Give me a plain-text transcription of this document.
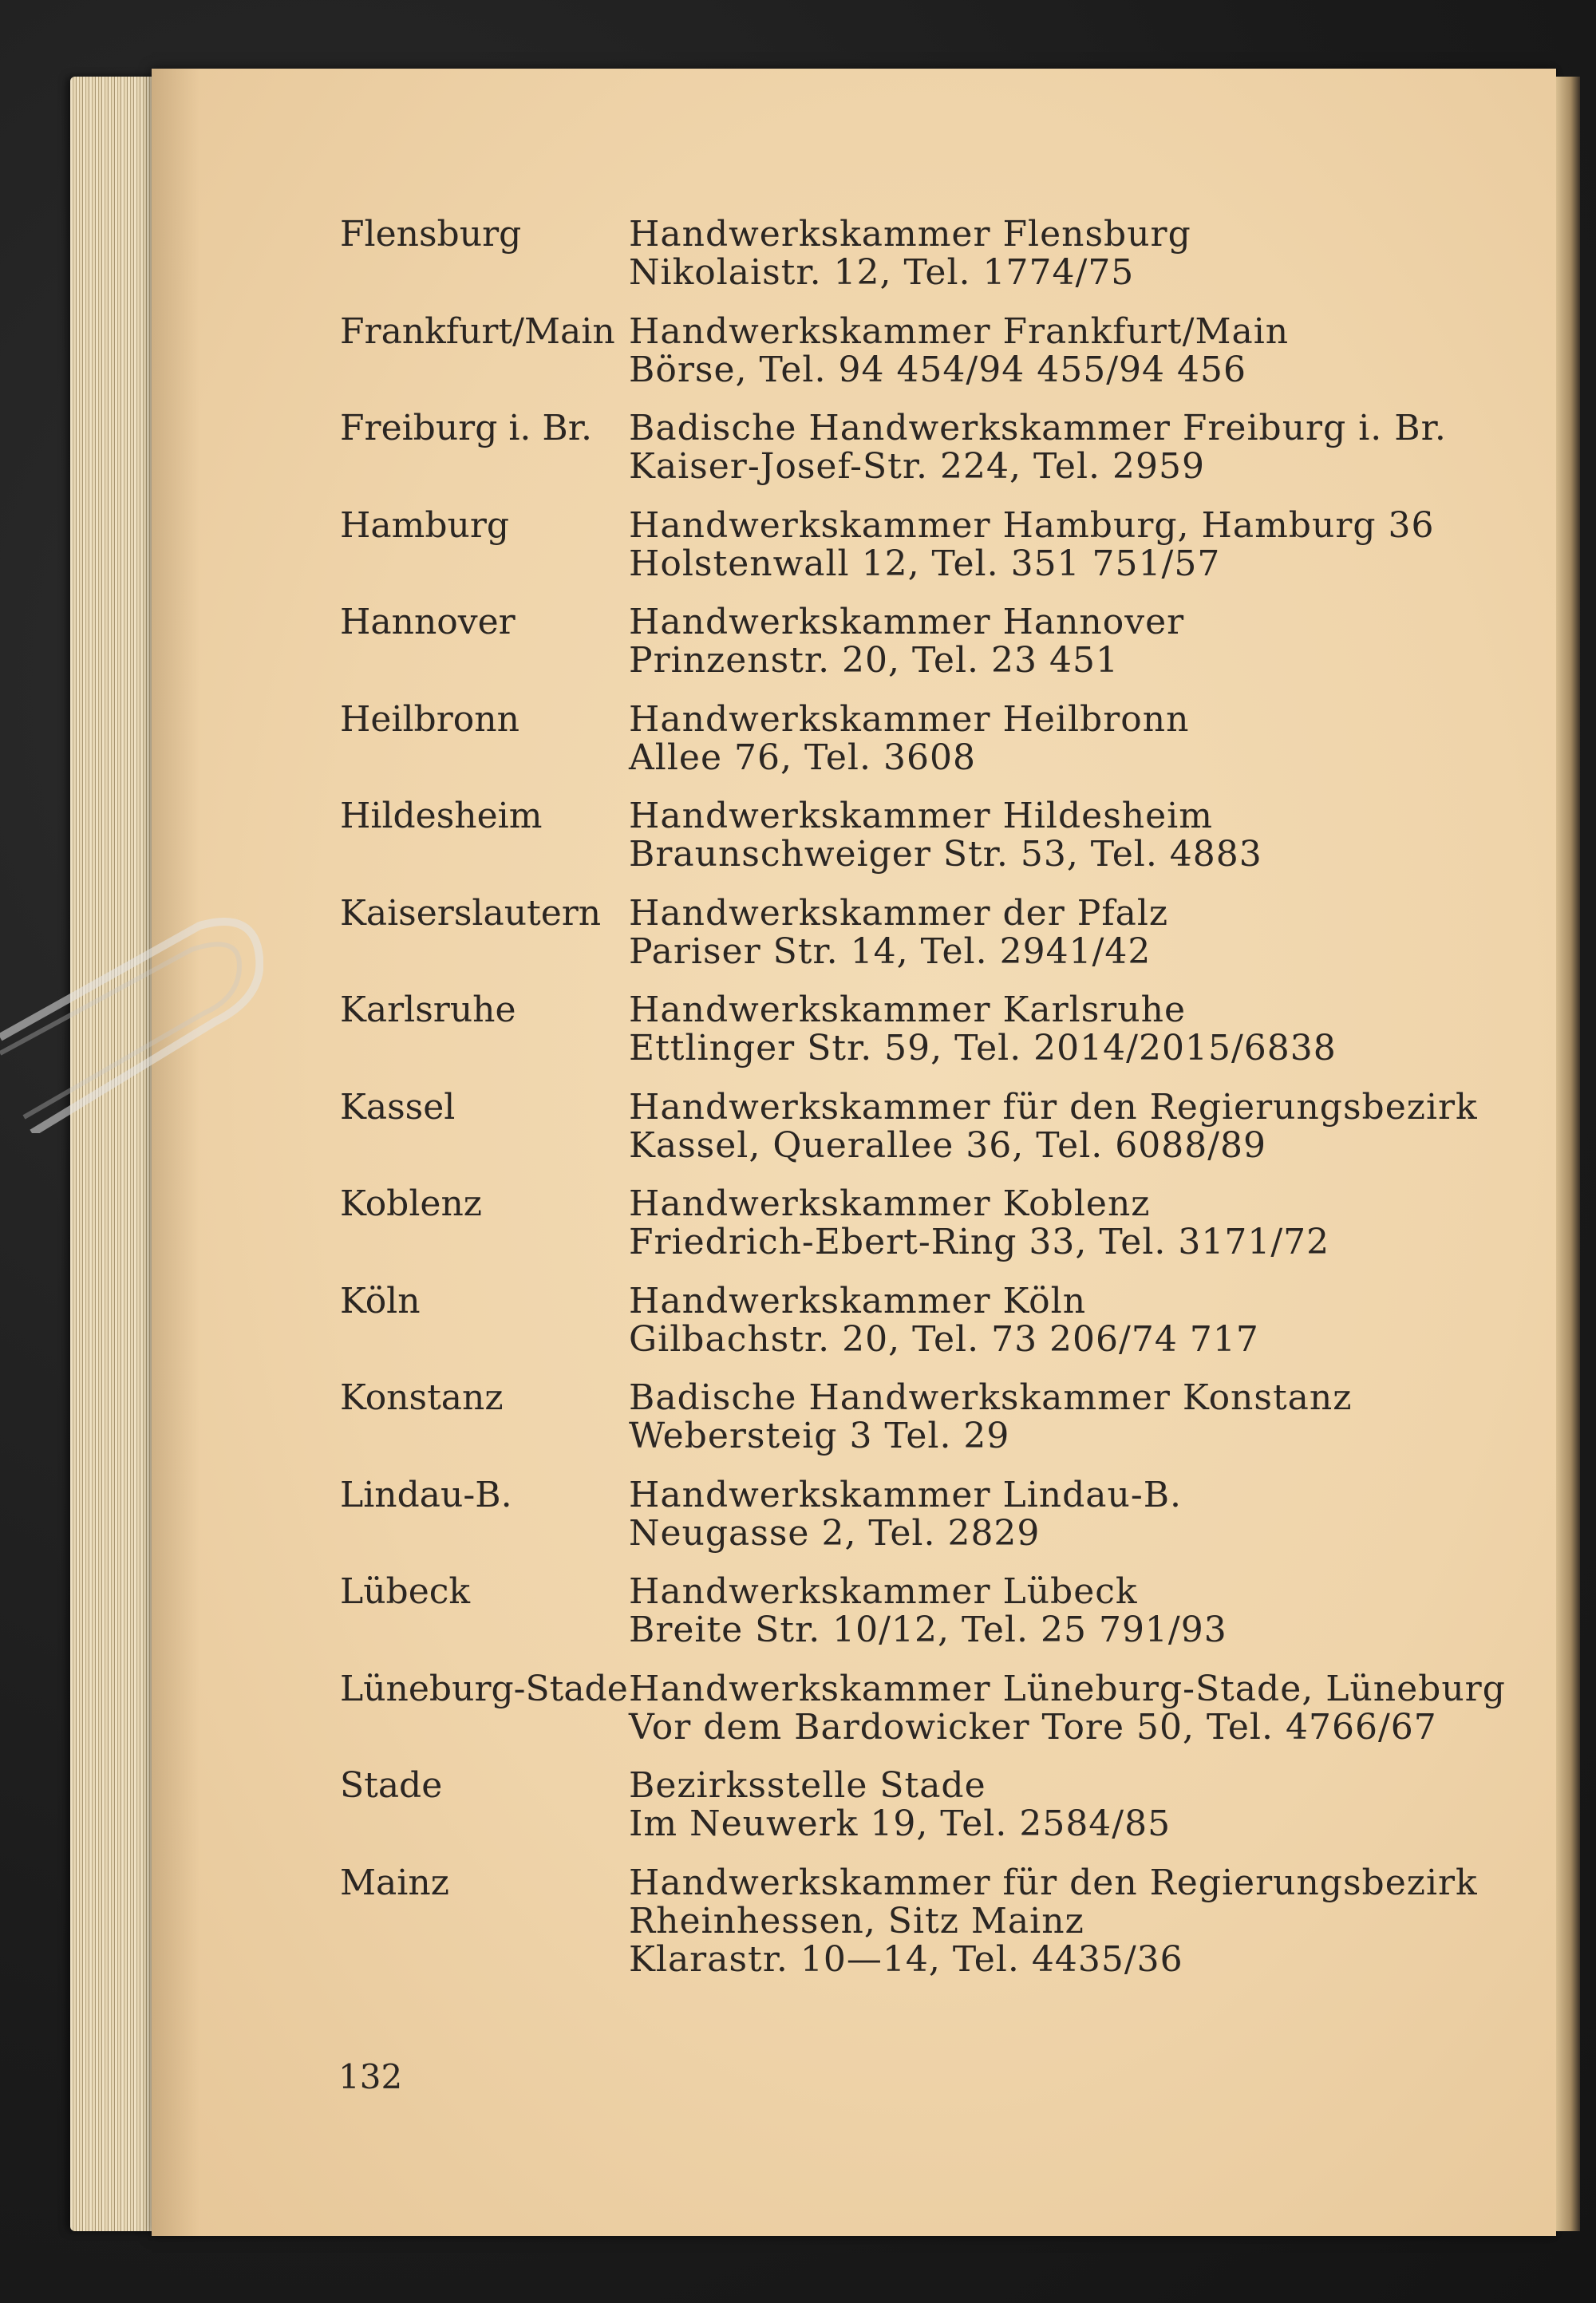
Flensburg	Handwerkskammer Flensburg
Nikolaistr. 12, Tel. 1774/75
Frankfurt/Main Handwerkskammer Frankfurt/Main
Börse, Tel. 94 454/94 455/94 456
Freiburg i. Br. Badische Handwerkskammer Freiburg i. Br.
Kaiser-Josef-Str. 224, Tel. 2959
Hamburg	Handwerkskammer Hamburg, Hamburg 36
Holstenwall 12, Tel. 351 751/57
Hannover	Handwerkskammer Hannover
Prinzenstr. 20, Tel. 23 451
Heilbronn	Handwerkskammer Heilbronn
Allee 76, Tel. 3608
Hildesheim Handwerkskammer Hildesheim
Braunschweiger Str. 53, Tel. 4883
Kaiserslautern Handwerkskammer der Pfalz
Pariser Str. 14, Tel. 2941/42
Karlsruhe	Handwerkskammer Karlsruhe
Ettlinger Str. 59, Tel. 2014/2015/6838
Kassel	Handwerkskammer für den Regierungsbezirk
Kassel, Querallee 36, Tel. 6088/89
Koblenz	Handwerkskammer Koblenz
Friedrich-Ebert-Ring 33, Tel. 3171/72
Köln	Handwerkskammer Köln
Gilbachstr. 20, Tel. 73 206/74 717
Konstanz	Badische Handwerkskammer Konstanz
Webersteig 3 Tel. 29
Lindau-B.	Handwerkskammer Lindau-B.
Neugasse 2, Tel. 2829
Lübeck	Handwerkskammer Lübeck
Breite Str. 10/12, Tel. 25 791/93
Lüneburg-Stade Handwerkskammer Lüneburg-Stade, Lüneburg
Vor dem Bardowicker Tore 50, Tel. 4766/67
Stade	Bezirksstelle Stade
Im Neuwerk 19, Tel. 2584/85
Mainz	Handwerkskammer für den Regierungsbezirk
Rheinhessen, Sitz Mainz
Klarastr. 10—14, Tel. 4435/36
132
